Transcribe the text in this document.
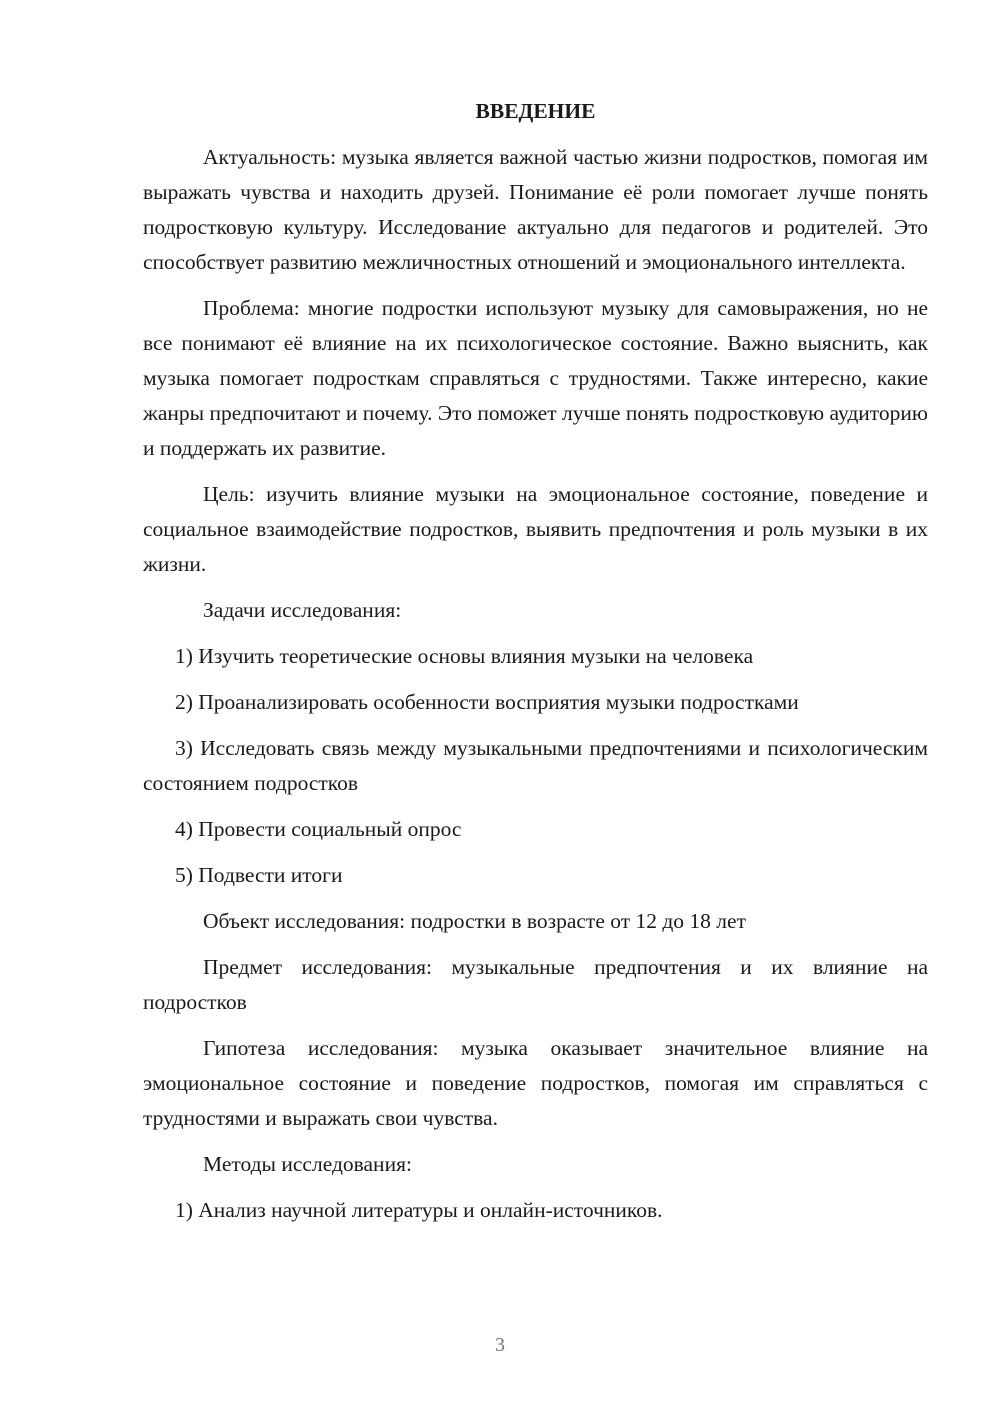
ВВЕДЕНИЕ

Актуальность: музыка является важной частью жизни подростков, помогая им выражать чувства и находить друзей. Понимание её роли помогает лучше понять подростковую культуру. Исследование актуально для педагогов и родителей. Это способствует развитию межличностных отношений и эмоционального интеллекта.

Проблема: многие подростки используют музыку для самовыражения, но не все понимают её влияние на их психологическое состояние. Важно выяснить, как музыка помогает подросткам справляться с трудностями. Также интересно, какие жанры предпочитают и почему. Это поможет лучше понять подростковую аудиторию и поддержать их развитие.

Цель: изучить влияние музыки на эмоциональное состояние, поведение и социальное взаимодействие подростков, выявить предпочтения и роль музыки в их жизни.

Задачи исследования:

1) Изучить теоретические основы влияния музыки на человека

2) Проанализировать особенности восприятия музыки подростками

3) Исследовать связь между музыкальными предпочтениями и психологическим состоянием подростков

4) Провести социальный опрос

5) Подвести итоги

Объект исследования: подростки в возрасте от 12 до 18 лет

Предмет исследования: музыкальные предпочтения и их влияние на подростков

Гипотеза исследования: музыка оказывает значительное влияние на эмоциональное состояние и поведение подростков, помогая им справляться с трудностями и выражать свои чувства.

Методы исследования:

1) Анализ научной литературы и онлайн-источников.

3
